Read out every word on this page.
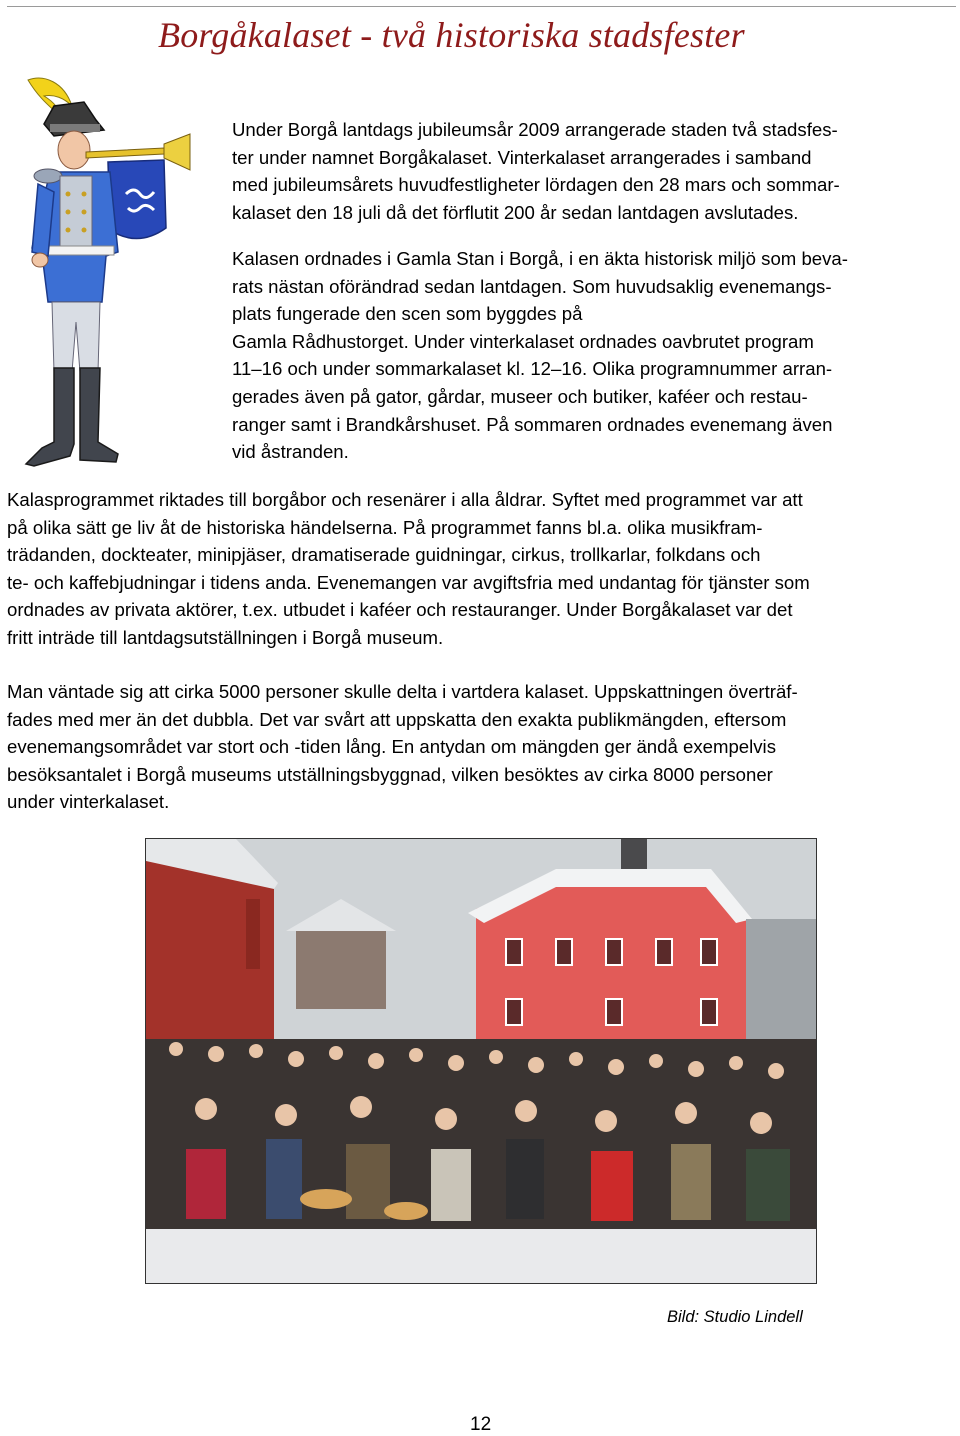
Borgåkalaset - två historiska stadsfester

Under Borgå lantdags jubileumsår 2009 arrangerade staden två stadsfes-
ter under namnet Borgåkalaset. Vinterkalaset arrangerades i samband
med jubileumsårets huvudfestligheter lördagen den 28 mars och sommar-
kalaset den 18 juli då det förflutit 200 år sedan lantdagen avslutades.

Kalasen ordnades i Gamla Stan i Borgå, i en äkta historisk miljö som beva-
rats nästan oförändrad sedan lantdagen. Som huvudsaklig evenemangs-
plats fungerade den scen som byggdes på
Gamla Rådhustorget. Under vinterkalaset ordnades oavbrutet program
11–16 och under sommarkalaset kl. 12–16. Olika programnummer arran-
gerades även på gator, gårdar, museer och butiker, kaféer och restau-
ranger samt i Brandkårshuset. På sommaren ordnades evenemang även
vid åstranden.

Kalasprogrammet riktades till borgåbor och resenärer i alla åldrar. Syftet med programmet var att
på olika sätt ge liv åt de historiska händelserna. På programmet fanns bl.a. olika musikfram-
trädanden, dockteater, minipjäser, dramatiserade guidningar, cirkus, trollkarlar, folkdans och
te- och kaffebjudningar i tidens anda. Evenemangen var avgiftsfria med undantag för tjänster som
ordnades av privata aktörer, t.ex. utbudet i kaféer och restauranger. Under Borgåkalaset var det
fritt inträde till lantdagsutställningen i Borgå museum.

Man väntade sig att cirka 5000 personer skulle delta i vartdera kalaset. Uppskattningen överträf-
fades med mer än det dubbla. Det var svårt att uppskatta den exakta publikmängden, eftersom
evenemangsområdet var stort och -tiden lång. En antydan om mängden ger ändå exempelvis
besöksantalet i Borgå museums utställningsbyggnad, vilken besöktes av cirka 8000 personer
under vinterkalaset.

Bild: Studio Lindell

12
